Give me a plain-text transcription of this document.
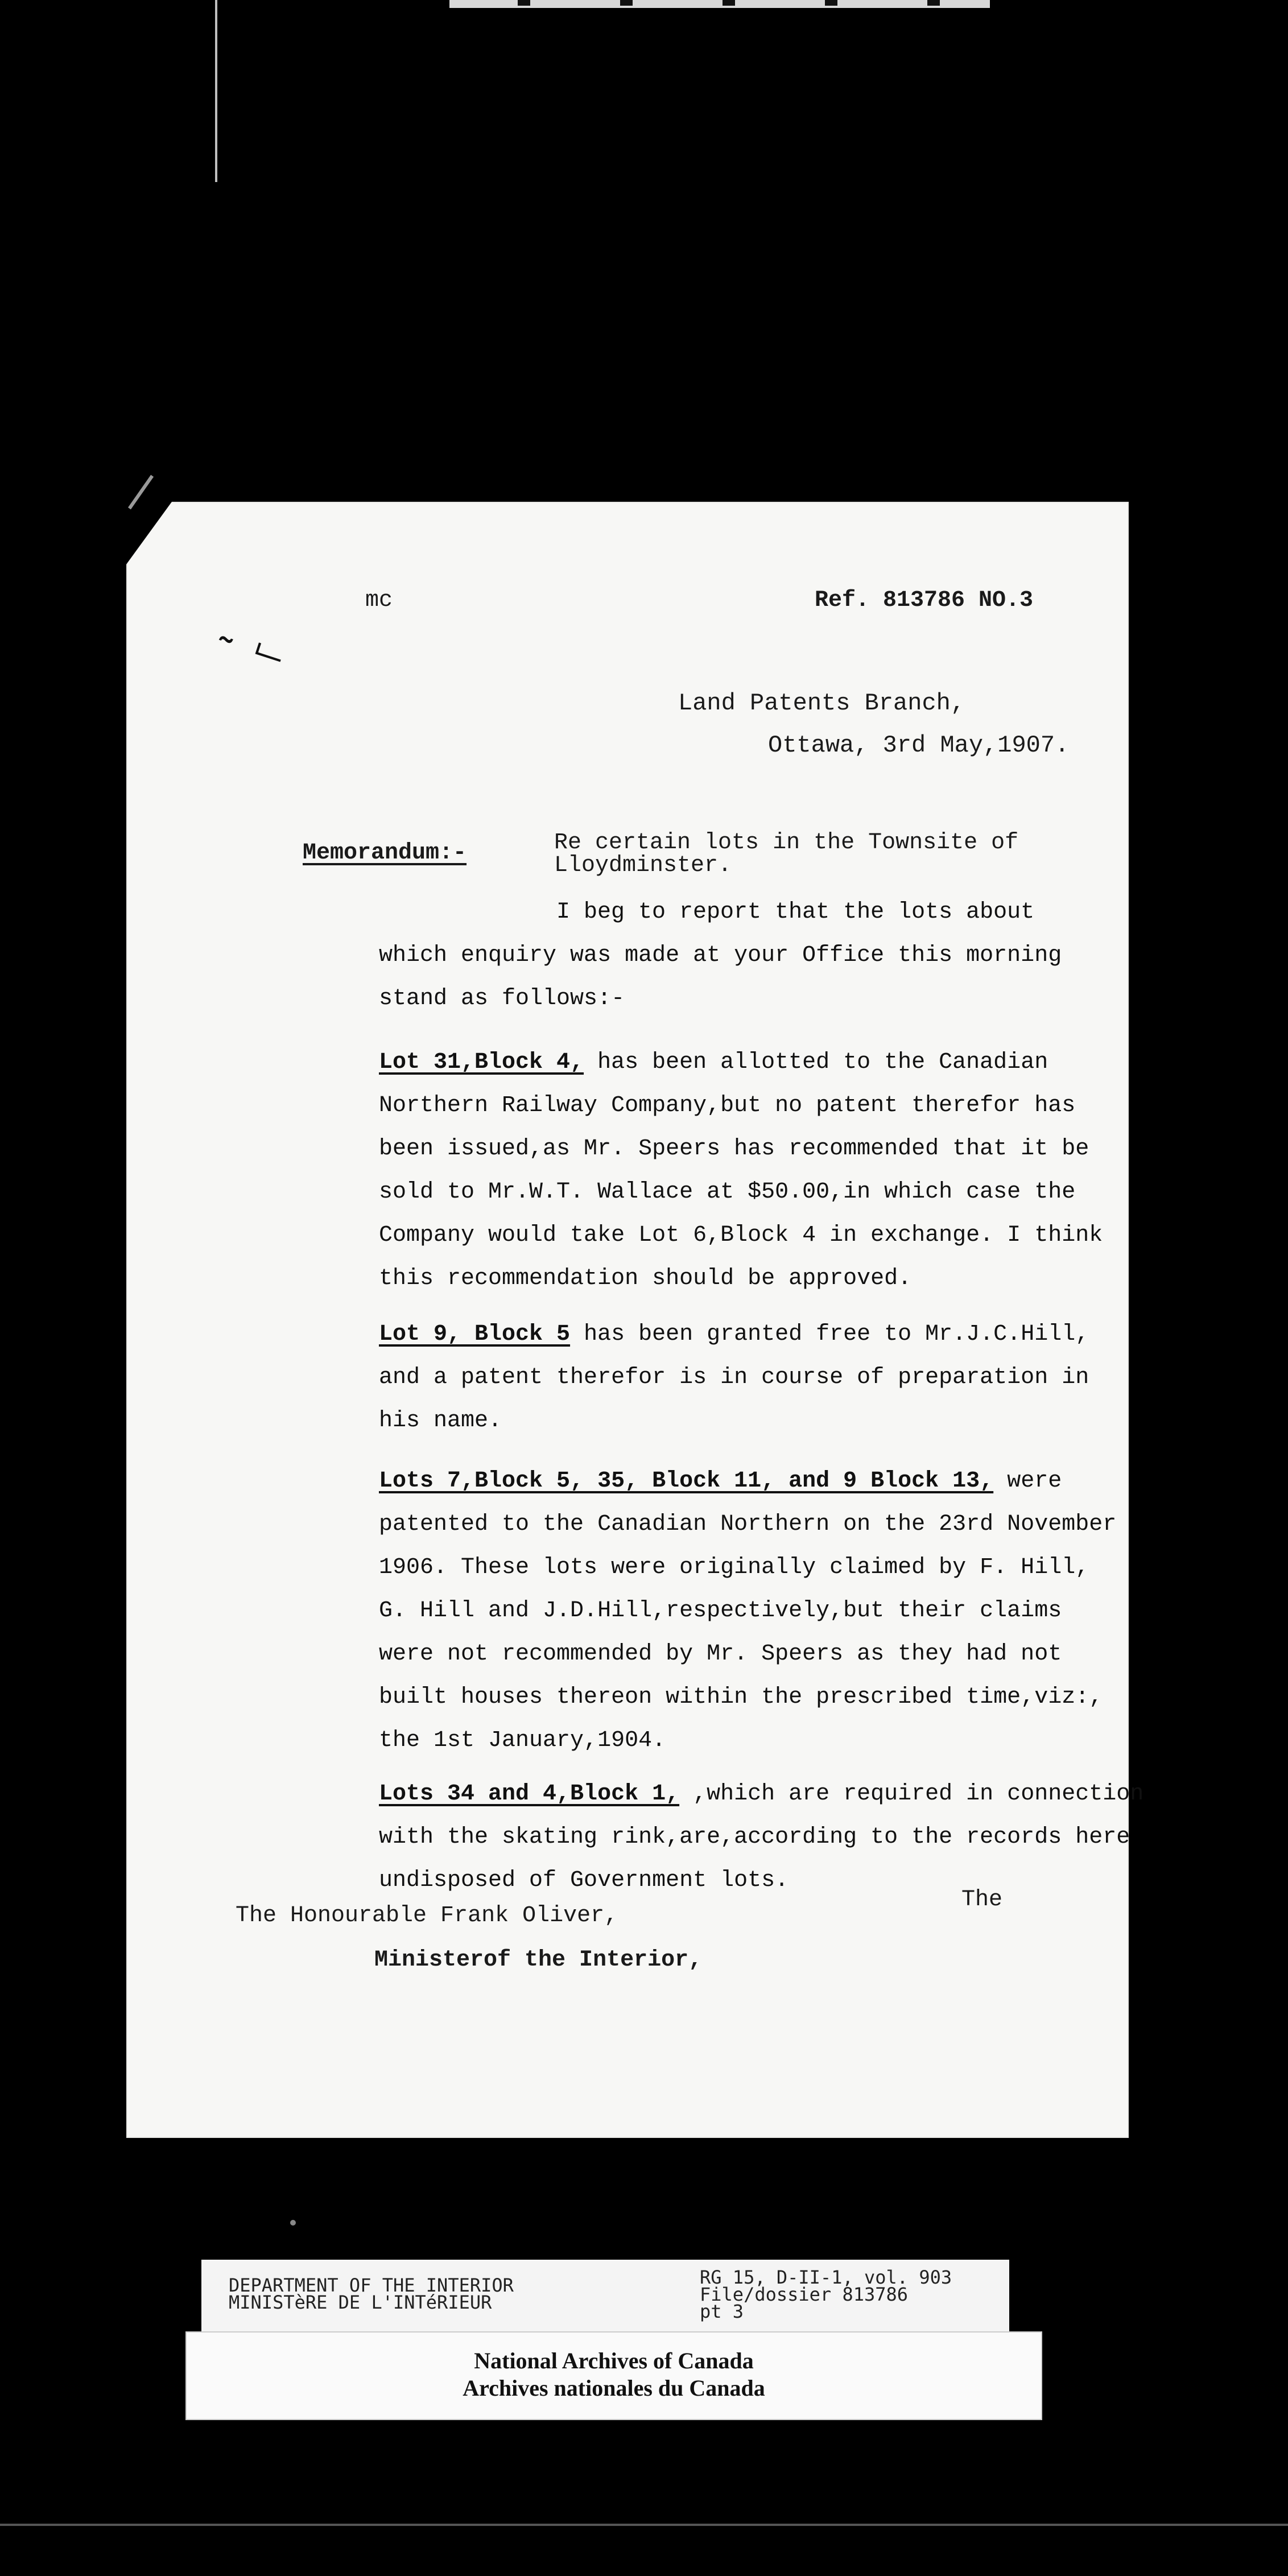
˜ ﹂
mc	Ref. 813786 NO.3
Land Patents Branch,
Ottawa, 3rd May,1907.
Memorandum:-	Re certain lots in the Townsite of Lloydminster.
I beg to report that the lots about
which enquiry was made at your Office this morning
stand as follows:-
Lot 31,Block 4, has been allotted to the Canadian
Northern Railway Company,but no patent therefor has
been issued,as Mr. Speers has recommended that it be
sold to Mr.W.T. Wallace at $50.00,in which case the
Company would take Lot 6,Block 4 in exchange. I think
this recommendation should be approved.
Lot 9, Block 5 has been granted free to Mr.J.C.Hill,
and a patent therefor is in course of preparation in
his name.
Lots 7,Block 5, 35, Block 11, and 9 Block 13, were
patented to the Canadian Northern on the 23rd November
1906. These lots were originally claimed by F. Hill,
G. Hill and J.D.Hill,respectively,but their claims
were not recommended by Mr. Speers as they had not
built houses thereon within the prescribed time,viz:,
the 1st January,1904.
Lots 34 and 4,Block 1, ,which are required in connection
with the skating rink,are,according to the records here
undisposed of Government lots.
The
The Honourable Frank Oliver,
Ministerof the Interior,
DEPARTMENT OF THE INTERIOR
MINISTèRE DE L'INTéRIEUR
RG 15, D-II-1, vol. 903
File/dossier 813786
pt 3
National Archives of Canada
Archives nationales du Canada
